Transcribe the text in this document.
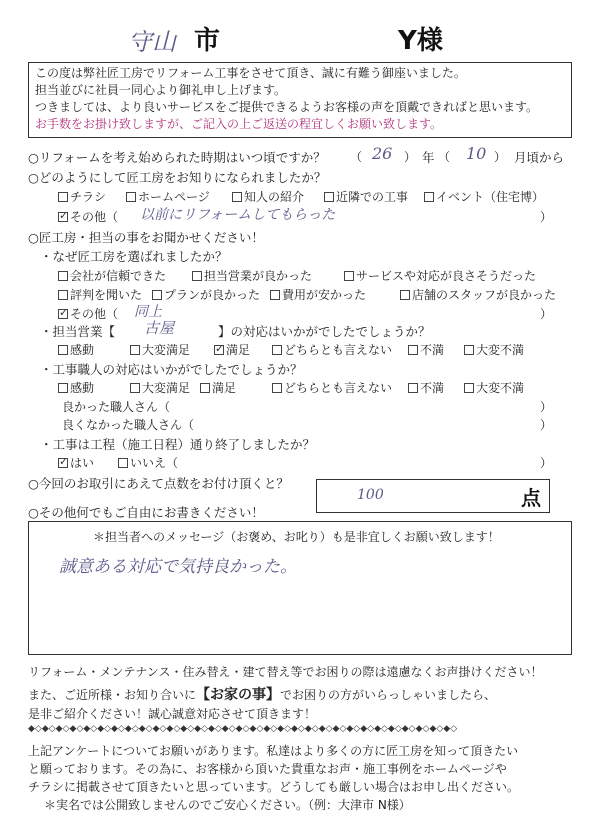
守山 市	Y様
この度は弊社匠工房でリフォーム工事をさせて頂き、誠に有難う御座いました。
担当並びに社員一同心より御礼申し上げます。
つきましては、より良いサービスをご提供できるようお客様の声を頂戴できればと思います。
お手数をお掛け致しますが、ご記入の上ご返送の程宜しくお願い致します。
○リフォームを考え始められた時期はいつ頃ですか？ （ 26 ） 年 （ 10 ） 月頃から
○どのようにして匠工房をお知りになられましたか？
チラシ	ホームページ	知人の紹介	近隣での工事	イベント（住宅博）
✓その他（ 以前にリフォームしてもらった	）
○匠工房・担当の事をお聞かせください！
・なぜ匠工房を選ばれましたか？
会社が信頼できた	担当営業が良かった	サービスや対応が良さそうだった
評判を聞いた	プランが良かった	費用が安かった	店舗のスタッフが良かった
✓その他（ 同上	）
・担当営業【 古屋	】の対応はいかがでしたでしょうか？
感動	大変満足
✓	満足	どちらとも言えない	不満	大変不満
・工事職人の対応はいかがでしたでしょうか？
感動	大変満足	満足	どちらとも言えない	不満	大変不満
良かった職人さん（	）
良くなかった職人さん（	）
・工事は工程（施工日程）通り終了しましたか？
✓はい	いいえ（	）
○今回のお取引にあえて点数をお付け頂くと？
100	点
○その他何でもご自由にお書きください！
＊担当者へのメッセージ（お褒め、お叱り）も是非宜しくお願い致します！
誠意ある対応で気持良かった。
リフォーム・メンテナンス・住み替え・建て替え等でお困りの際は遠慮なくお声掛けください！
また、ご近所様・お知り合いに【お家の事】でお困りの方がいらっしゃいましたら、
是非ご紹介ください！誠心誠意対応させて頂きます！
◆◇◆◇◆◇◆◇◆◇◆◇◆◇◆◇◆◇◆◇◆◇◆◇◆◇◆◇◆◇◆◇◆◇◆◇◆◇◆◇◆◇◆◇◆◇◆◇◆◇◆◇◆◇◆◇◆◇◆◇◆◇
上記アンケートについてお願いがあります。私達はより多くの方に匠工房を知って頂きたい
と願っております。その為に、お客様から頂いた貴重なお声・施工事例をホームページや
チラシに掲載させて頂きたいと思っています。どうしても厳しい場合はお申し出ください。
＊実名では公開致しませんのでご安心ください。（例：大津市 N様）
